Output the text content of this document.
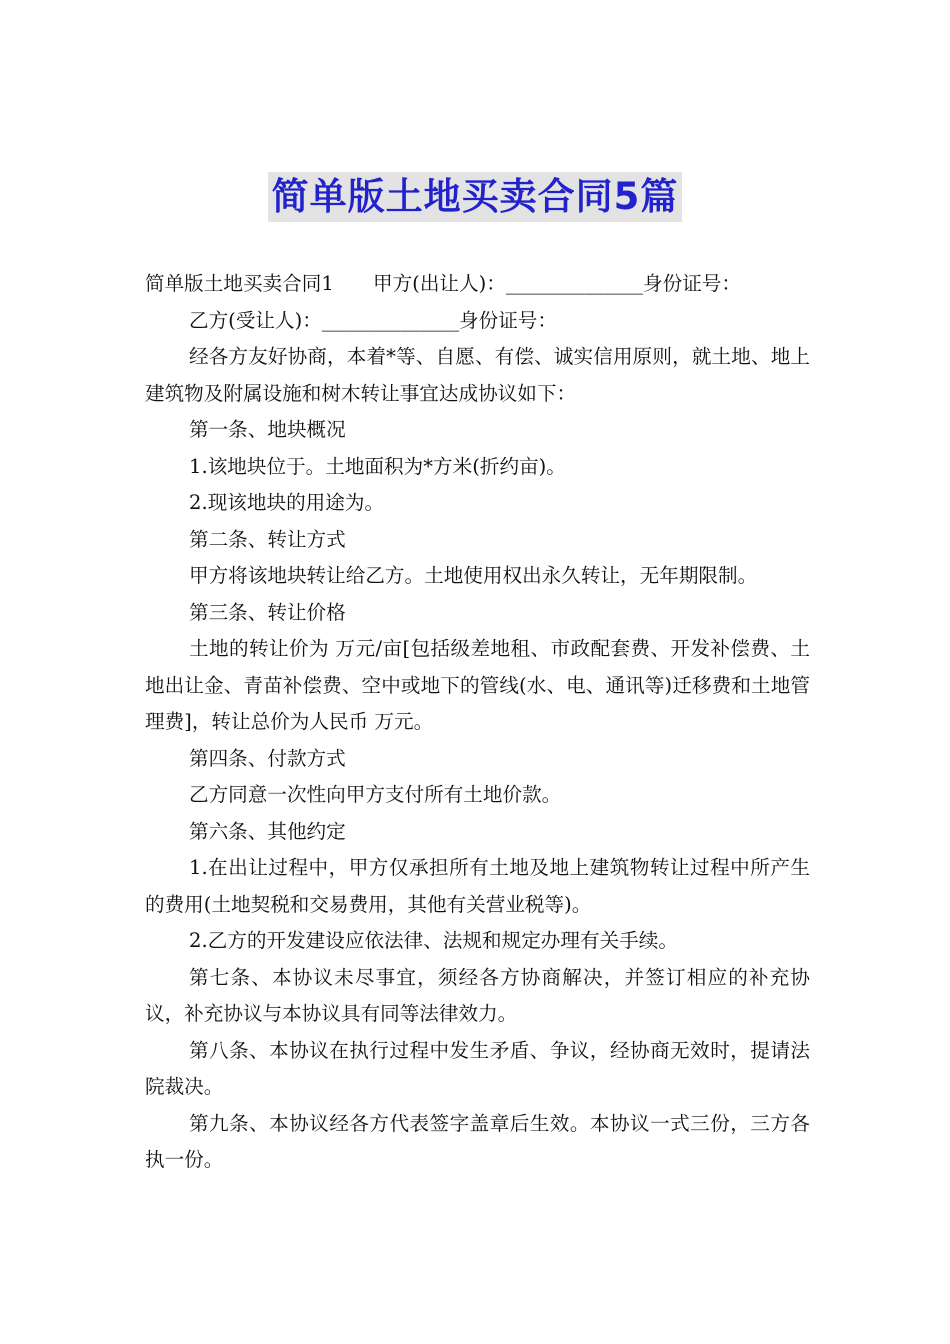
简单版土地买卖合同5篇

简单版土地买卖合同1　　甲方(出让人)：______________身份证号：

乙方(受让人)：______________身份证号：

经各方友好协商，本着*等、自愿、有偿、诚实信用原则，就土地、地上建筑物及附属设施和树木转让事宜达成协议如下：

第一条、地块概况

1.该地块位于。土地面积为*方米(折约亩)。

2.现该地块的用途为。

第二条、转让方式

甲方将该地块转让给乙方。土地使用权出永久转让，无年期限制。

第三条、转让价格

土地的转让价为 万元/亩[包括级差地租、市政配套费、开发补偿费、土地出让金、青苗补偿费、空中或地下的管线(水、电、通讯等)迁移费和土地管理费]，转让总价为人民币 万元。

第四条、付款方式

乙方同意一次性向甲方支付所有土地价款。

第六条、其他约定

1.在出让过程中，甲方仅承担所有土地及地上建筑物转让过程中所产生的费用(土地契税和交易费用，其他有关营业税等)。

2.乙方的开发建设应依法律、法规和规定办理有关手续。

第七条、本协议未尽事宜，须经各方协商解决，并签订相应的补充协议，补充协议与本协议具有同等法律效力。

第八条、本协议在执行过程中发生矛盾、争议，经协商无效时，提请法院裁决。

第九条、本协议经各方代表签字盖章后生效。本协议一式三份，三方各执一份。
